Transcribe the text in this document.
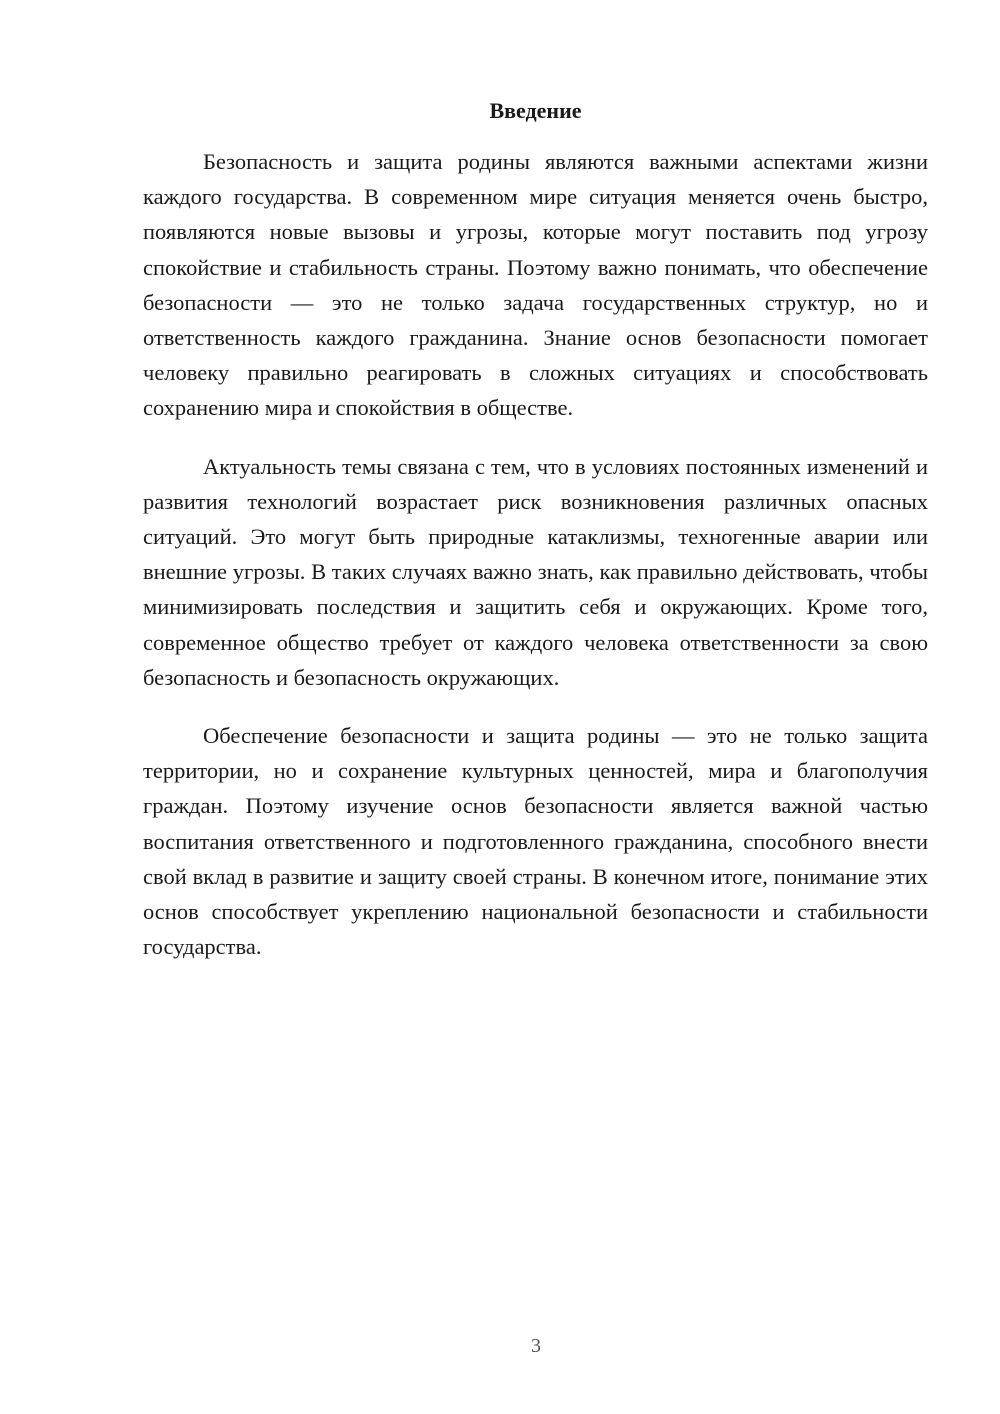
Введение

Безопасность и защита родины являются важными аспектами жизни каждого государства. В современном мире ситуация меняется очень быстро, появляются новые вызовы и угрозы, которые могут поставить под угрозу спокойствие и стабильность страны. Поэтому важно понимать, что обеспечение безопасности — это не только задача государственных структур, но и ответственность каждого гражданина. Знание основ безопасности помогает человеку правильно реагировать в сложных ситуациях и способствовать сохранению мира и спокойствия в обществе.

Актуальность темы связана с тем, что в условиях постоянных изменений и развития технологий возрастает риск возникновения различных опасных ситуаций. Это могут быть природные катаклизмы, техногенные аварии или внешние угрозы. В таких случаях важно знать, как правильно действовать, чтобы минимизировать последствия и защитить себя и окружающих. Кроме того, современное общество требует от каждого человека ответственности за свою безопасность и безопасность окружающих.

Обеспечение безопасности и защита родины — это не только защита территории, но и сохранение культурных ценностей, мира и благополучия граждан. Поэтому изучение основ безопасности является важной частью воспитания ответственного и подготовленного гражданина, способного внести свой вклад в развитие и защиту своей страны. В конечном итоге, понимание этих основ способствует укреплению национальной безопасности и стабильности государства.

3
